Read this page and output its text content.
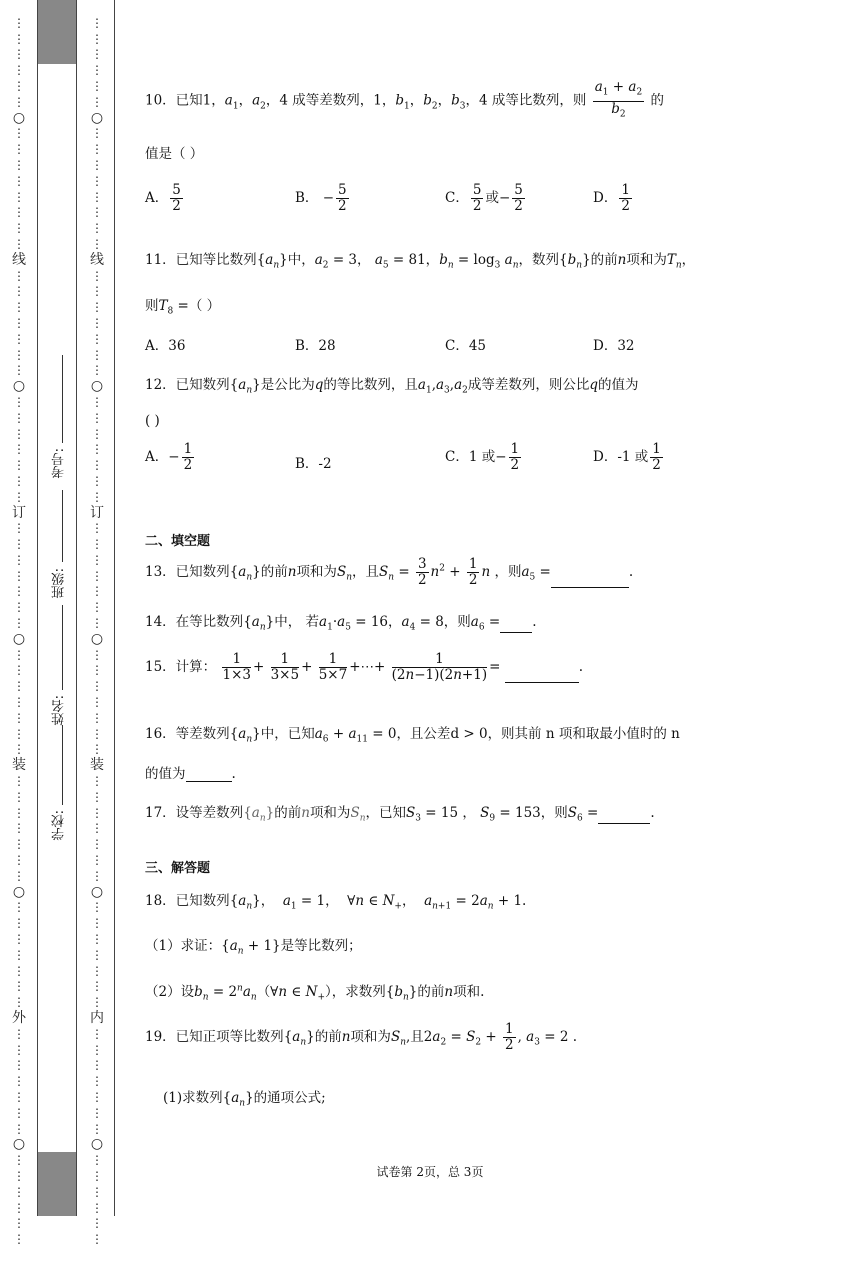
⋮
⋮
⋮
⋮
⋮
⋮
○
⋮
⋮
⋮
⋮
⋮
⋮
⋮
⋮
线
⋮
⋮
⋮
⋮
⋮
⋮
⋮
○
⋮
⋮
⋮
⋮
⋮
⋮
⋮
订
⋮
⋮
⋮
⋮
⋮
⋮
⋮
○
⋮
⋮
⋮
⋮
⋮
⋮
⋮
装
⋮
⋮
⋮
⋮
⋮
⋮
⋮
○
⋮
⋮
⋮
⋮
⋮
⋮
⋮
外
⋮
⋮
⋮
⋮
⋮
⋮
⋮
○
⋮
⋮
⋮
⋮
⋮
⋮

学校:
姓名:
班级:
考号:

⋮
⋮
⋮
⋮
⋮
⋮
○
⋮
⋮
⋮
⋮
⋮
⋮
⋮
⋮
线
⋮
⋮
⋮
⋮
⋮
⋮
⋮
○
⋮
⋮
⋮
⋮
⋮
⋮
⋮
订
⋮
⋮
⋮
⋮
⋮
⋮
⋮
○
⋮
⋮
⋮
⋮
⋮
⋮
⋮
装
⋮
⋮
⋮
⋮
⋮
⋮
⋮
○
⋮
⋮
⋮
⋮
⋮
⋮
⋮
内
⋮
⋮
⋮
⋮
⋮
⋮
⋮
○
⋮
⋮
⋮
⋮
⋮
⋮

10．已知1，$a_1$，$a_2$，4 成等差数列，1，$b_1$，$b_2$，$b_3$，4 成等比数列，则 $\frac{a_1 + a_2}{b_2}$ 的
值是（ ）
A． $\frac{5}{2}$	B． − $\frac{5}{2}$	C． $\frac{5}{2}$ 或− $\frac{5}{2}$	D． $\frac{1}{2}$
11．已知等比数列$\{a_n\}$中，$a_2 = 3$， $a_5 = 81$，$b_n = \log_3 a_n$，数列$\{b_n\}$的前n项和为$T_n$，
则$T_8$ =（ ）
A．36	B．28	C．45	D．32
12．已知数列$\{a_n\}$是公比为q的等比数列，且$a_1,a_3,a_2$成等差数列，则公比q的值为
( )
A．− $\frac{1}{2}$	B．-2	C．1 或− $\frac{1}{2}$	D．-1 或 $\frac{1}{2}$
二、填空题
13．已知数列$\{a_n\}$的前n项和为$S_n$，且$S_n = \frac{3}{2} n^2 + \frac{1}{2}$ n ，则$a_5$ =	.
14．在等比数列$\{a_n\}$中， 若$a_1\cdot a_5 = 16$，$a_4 = 8$，则$a_6$ = .
15．计算： $\frac{1}{1\times 3} + \frac{1}{3\times 5} + \frac{1}{5\times 7}$ +⋯+ $\frac{1}{(2n-1)(2n+1)}$ =	.
16．等差数列$\{a_n\}$中，已知$a_6 + a_{11} = 0$，且公差d > 0，则其前 n 项和取最小值时的 n
的值为	.
17．设等差数列$\{a_n\}$的前n项和为$S_n$，已知$S_3 = 15$ ， $S_9 = 153$，则$S_6$ =	.
三、解答题
18．已知数列$\{a_n\}$，  $a_1 = 1$，  ∀n ∈ $N_+$，  $a_{n+1} = 2a_n + 1$.
（1）求证：$\{a_n + 1\}$是等比数列；
（2）设$b_n$ = $2^na_n(\forall n$ ∈ $N_+$），求数列$\{b_n\}$的前n项和.
19．已知正项等比数列$\{a_n\}$的前n项和为$S_n$,且$2a_2 = S_2 + \frac{1}{2}$ , $a_3 = 2$ .
(1)求数列$\{a_n\}$的通项公式;
试卷第 2页，总 3页
